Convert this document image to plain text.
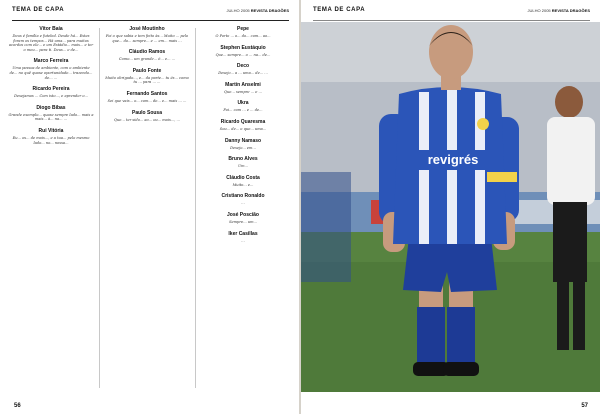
TEMA DE CAPA	JULHO 2005 REVISTA DRAGÕES
Vítor Baía
Deus é família e futebol. Desde há... Estes foram os tempos... Há uma... para muitos acordos com ele... e um Estádio... mais... e ter o meu... para ti. Deus... e de...
Marco Ferreira
Uma pessoa de ambiente, com o ambiente de... no quê quase oportunidade... trazendo... de... ...
Ricardo Pereira
Desejamos ... Com isto..., e aprender o...
Diogo Bibas
Grande exemplo... quase sempre lado... mais a mais... à... na... ...
Rui Vitória
Eu... os... de mais..., e a tua... pelo mesmo lado... no... nossa...
José Moutinho
Foi o que sabia e tem feito às... Muito ... pelo que... do... sempre... e ... em... mais ...
Cláudio Ramos
Como... um grande... é... e... ...
Paulo Fonte
Muito obrigado..., e... da parte... tu és... como tu ... para ... ...
Fernando Santos
Sei que vais... o... com... de... e... mais ... ...
Paulo Sousa
Que... ter sido... ao... ou... mais..., ...
Pepe
O Porto ... o... do... com... ao...
Stephen Eustáquio
Que... sempre... o ... na... de...
Deco
Desejo... a ... uma... de... ...
Martín Anselmi
Que... sempre ... e ...
Ukra
Foi... com ... e ... de...
Ricardo Quaresma
Sou... de... o que... uma...
Danny Namaso
Desejo... em...
Bruno Alves
Um...
Cláudio Costa
Muito... e...
Cristiano Ronaldo
...
José Poscião
Sempre... um...
Iker Casillas
...
56
TEMA DE CAPA	JULHO 2005 REVISTA DRAGÕES
revigrés
57
